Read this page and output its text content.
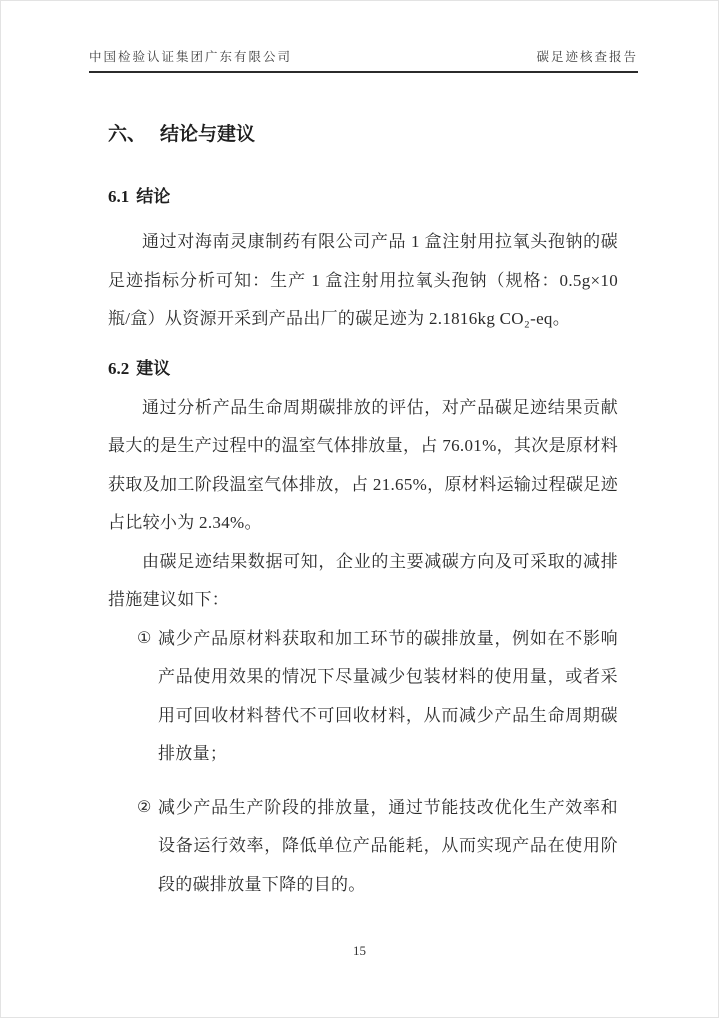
中国检验认证集团广东有限公司	碳足迹核查报告
六、 结论与建议
6.1 结论

通过对海南灵康制药有限公司产品 1 盒注射用拉氧头孢钠的碳足迹指标分析可知：生产 1 盒注射用拉氧头孢钠（规格：0.5g×10 瓶/盒）从资源开采到产品出厂的碳足迹为 2.1816kg CO₂-eq。

6.2 建议

通过分析产品生命周期碳排放的评估，对产品碳足迹结果贡献最大的是生产过程中的温室气体排放量，占 76.01%，其次是原材料获取及加工阶段温室气体排放，占 21.65%，原材料运输过程碳足迹占比较小为 2.34%。

由碳足迹结果数据可知，企业的主要减碳方向及可采取的减排措施建议如下：

① 减少产品原材料获取和加工环节的碳排放量，例如在不影响产品使用效果的情况下尽量减少包装材料的使用量，或者采用可回收材料替代不可回收材料，从而减少产品生命周期碳排放量；
② 减少产品生产阶段的排放量，通过节能技改优化生产效率和设备运行效率，降低单位产品能耗，从而实现产品在使用阶段的碳排放量下降的目的。
15
